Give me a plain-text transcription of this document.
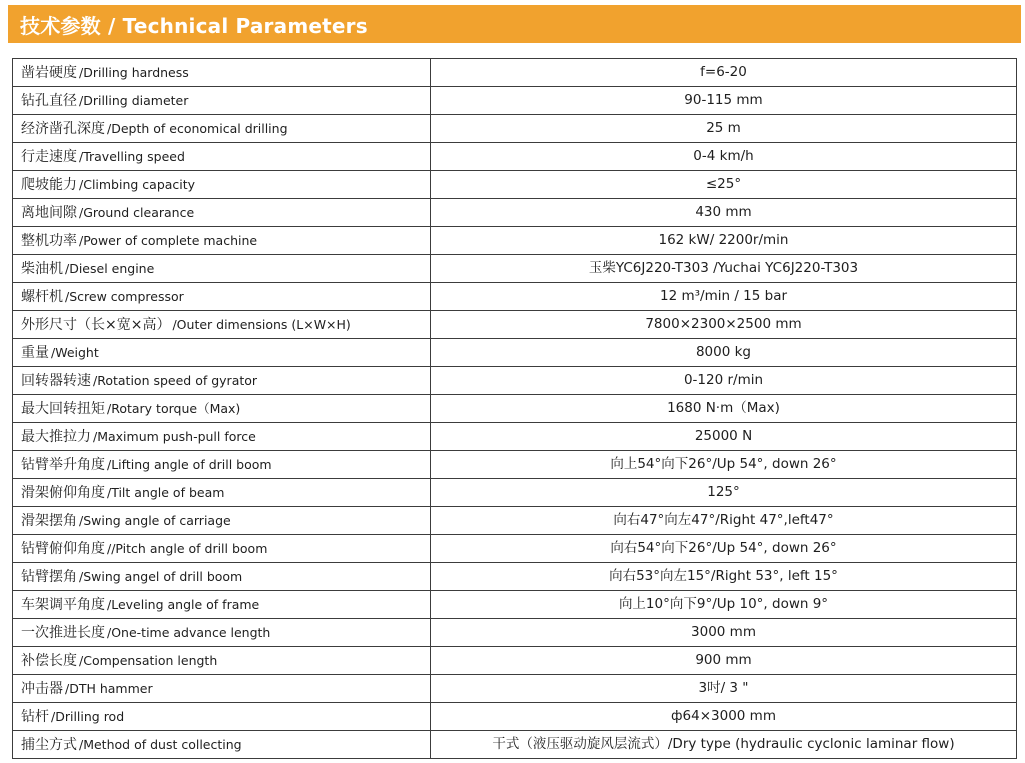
技术参数 / Technical Parameters
凿岩硬度 /Drilling hardness	f=6-20
钻孔直径 /Drilling diameter	90-115 mm
经济凿孔深度 /Depth of economical drilling	25 m
行走速度 /Travelling speed	0-4 km/h
爬坡能力 /Climbing capacity	≤25°
离地间隙 /Ground clearance	430 mm
整机功率 /Power of complete machine	162 kW/ 2200r/min
柴油机 /Diesel engine	玉柴YC6J220-T303 /Yuchai YC6J220-T303
螺杆机 /Screw compressor	12 m³/min / 15 bar
外形尺寸（长×宽×高） /Outer dimensions (L×W×H)	7800×2300×2500 mm
重量 /Weight	8000 kg
回转器转速 /Rotation speed of gyrator	0-120 r/min
最大回转扭矩 /Rotary torque（Max)	1680 N·m（Max)
最大推拉力 /Maximum push-pull force	25000 N
钻臂举升角度 /Lifting angle of drill boom	向上54°向下26°/Up 54°, down 26°
滑架俯仰角度 /Tilt angle of beam	125°
滑架摆角 /Swing angle of carriage	向右47°向左47°/Right 47°,left47°
钻臂俯仰角度 //Pitch angle of drill boom	向右54°向下26°/Up 54°, down 26°
钻臂摆角 /Swing angel of drill boom	向右53°向左15°/Right 53°, left 15°
车架调平角度 /Leveling angle of frame	向上10°向下9°/Up 10°, down 9°
一次推进长度 /One-time advance length	3000 mm
补偿长度 /Compensation length	900 mm
冲击器 /DTH hammer	3吋/ 3 "
钻杆 /Drilling rod	ф64×3000 mm
捕尘方式 /Method of dust collecting	干式（液压驱动旋风层流式）/Dry type (hydraulic cyclonic laminar flow)
